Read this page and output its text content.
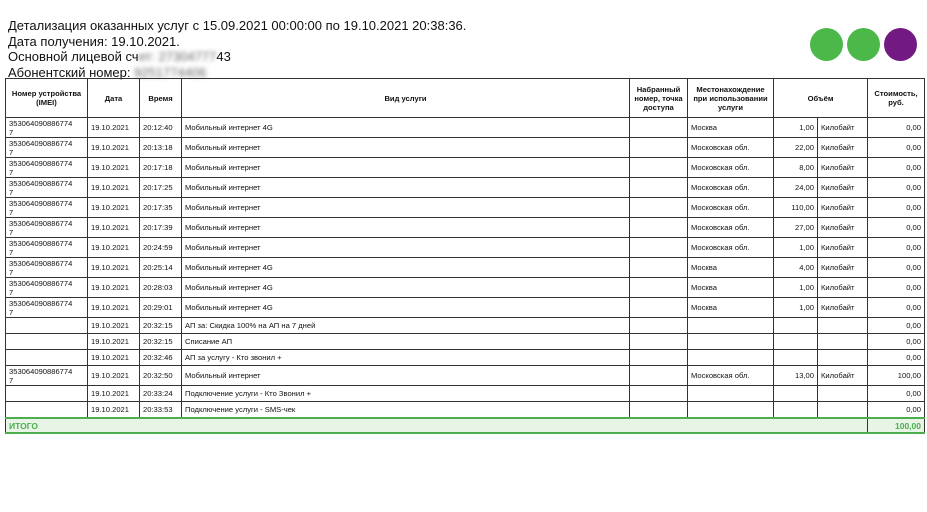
Детализация оказанных услуг с 15.09.2021 00:00:00 по 19.10.2021 20:38:36.
Дата получения: 19.10.2021.
Основной лицевой счет: 2730477743
Абонентский номер: 9251774406
Номер устройства (IMEI)	Дата	Время	Вид услуги	Набранный номер, точка доступа	Местонахождение при использовании услуги	Объём		Стоимость, руб.
353064090886774
7	19.10.2021	20:12:40	Мобильный интернет 4G		Москва	1,00	Килобайт	0,00
353064090886774
7	19.10.2021	20:13:18	Мобильный интернет		Московская обл.	22,00	Килобайт	0,00
353064090886774
7	19.10.2021	20:17:18	Мобильный интернет		Московская обл.	8,00	Килобайт	0,00
353064090886774
7	19.10.2021	20:17:25	Мобильный интернет		Московская обл.	24,00	Килобайт	0,00
353064090886774
7	19.10.2021	20:17:35	Мобильный интернет		Московская обл.	110,00	Килобайт	0,00
353064090886774
7	19.10.2021	20:17:39	Мобильный интернет		Московская обл.	27,00	Килобайт	0,00
353064090886774
7	19.10.2021	20:24:59	Мобильный интернет		Московская обл.	1,00	Килобайт	0,00
353064090886774
7	19.10.2021	20:25:14	Мобильный интернет 4G		Москва	4,00	Килобайт	0,00
353064090886774
7	19.10.2021	20:28:03	Мобильный интернет 4G		Москва	1,00	Килобайт	0,00
353064090886774
7	19.10.2021	20:29:01	Мобильный интернет 4G		Москва	1,00	Килобайт	0,00
	19.10.2021	20:32:15	АП за: Скидка 100% на АП на 7 дней					0,00
	19.10.2021	20:32:15	Списание АП					0,00
	19.10.2021	20:32:46	АП за услугу - Кто звонил +					0,00
353064090886774
7	19.10.2021	20:32:50	Мобильный интернет		Московская обл.	13,00	Килобайт	100,00
	19.10.2021	20:33:24	Подключение услуги - Кто Звонил +					0,00
	19.10.2021	20:33:53	Подключение услуги - SMS-чек					0,00
ИТОГО								100,00
